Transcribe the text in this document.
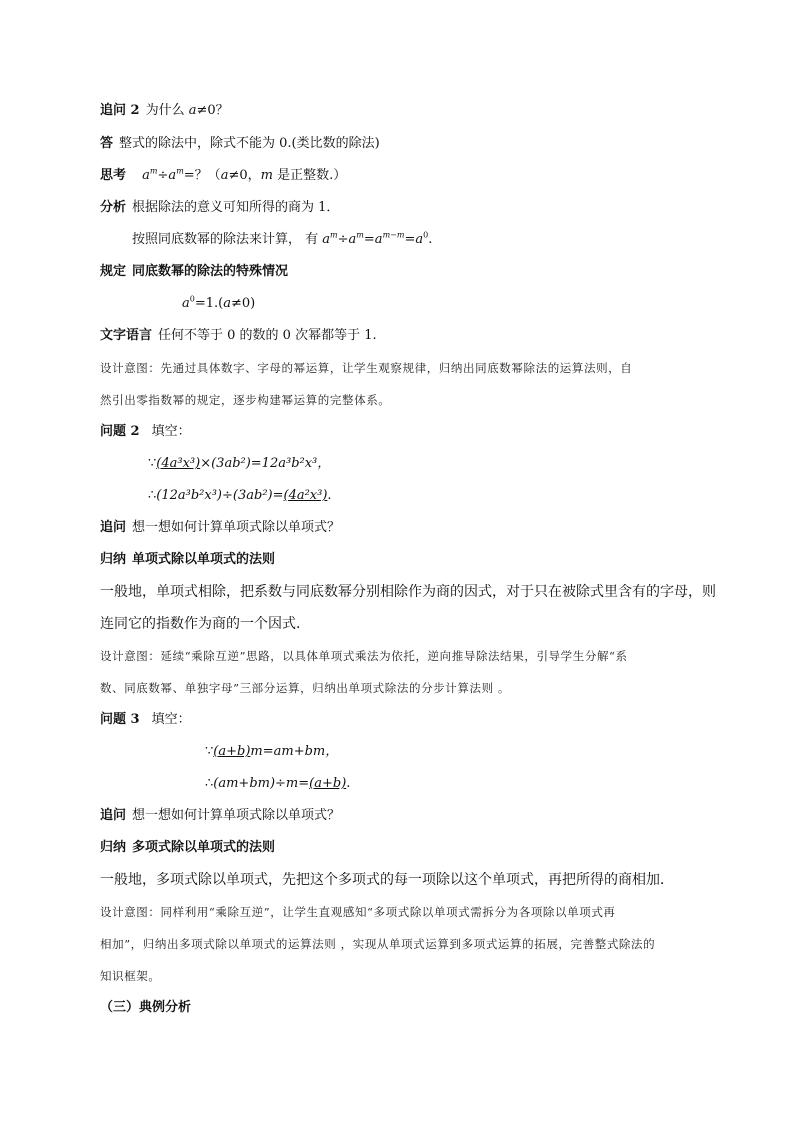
追问 2 为什么 a≠0？
答 整式的除法中，除式不能为 0.(类比数的除法)
思考 $a^m\div a^m=$？（a≠0，m 是正整数.）
分析 根据除法的意义可知所得的商为 1．
按照同底数幂的除法来计算， 有 $a^m\div a^m=a^{m-m}=a^0$.
规定 同底数幂的除法的特殊情况
$a^0=1.(a\ne 0)$
文字语言 任何不等于 0 的数的 0 次幂都等于 1.
设计意图：先通过具体数字、字母的幂运算，让学生观察规律，归纳出同底数幂除法的运算法则，自
然引出零指数幂的规定，逐步构建幂运算的完整体系。
问题 2 填空：
∵(4a³x³)×(3ab²)=12a³b²x³，
∴(12a³b²x³)÷(3ab²)=(4a²x³).
追问 想一想如何计算单项式除以单项式？
归纳 单项式除以单项式的法则
一般地，单项式相除，把系数与同底数幂分别相除作为商的因式，对于只在被除式里含有的字母，则
连同它的指数作为商的一个因式．
设计意图：延续“乘除互逆”思路，以具体单项式乘法为依托，逆向推导除法结果，引导学生分解“系
数、同底数幂、单独字母”三部分运算，归纳出单项式除法的分步计算法则 。
问题 3 填空：
∵(a+b)m=am+bm，
∴(am+bm)÷m=(a+b).
追问 想一想如何计算单项式除以单项式？
归纳 多项式除以单项式的法则
一般地，多项式除以单项式，先把这个多项式的每一项除以这个单项式，再把所得的商相加．
设计意图：同样利用“乘除互逆”，让学生直观感知“多项式除以单项式需拆分为各项除以单项式再
相加”，归纳出多项式除以单项式的运算法则 ，实现从单项式运算到多项式运算的拓展，完善整式除法的
知识框架。
（三）典例分析
